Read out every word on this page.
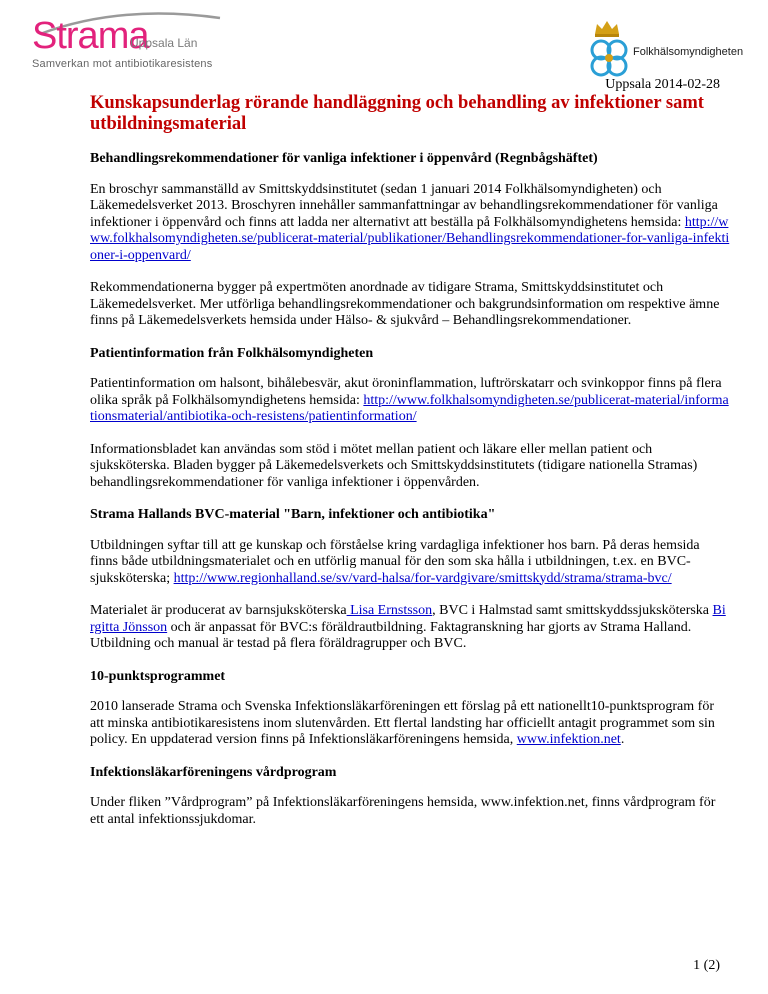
Strama
Uppsala Län
Samverkan mot antibiotikaresistens
Folkhälsomyndigheten
Uppsala 2014-02-28
Kunskapsunderlag rörande handläggning och behandling av infektioner samt utbildningsmaterial
Behandlingsrekommendationer för vanliga infektioner i öppenvård (Regnbågshäftet)

En broschyr sammanställd av Smittskyddsinstitutet (sedan 1 januari 2014 Folkhälsomyndigheten) och Läkemedelsverket 2013. Broschyren innehåller sammanfattningar av behandlingsrekommendationer för vanliga infektioner i öppenvård och finns att ladda ner alternativt att beställa på Folkhälsomyndighetens hemsida: http://www.folkhalsomyndigheten.se/publicerat-material/publikationer/Behandlingsrekommendationer-for-vanliga-infektioner-i-oppenvard/

Rekommendationerna bygger på expertmöten anordnade av tidigare Strama, Smittskyddsinstitutet och Läkemedelsverket. Mer utförliga behandlingsrekommendationer och bakgrundsinformation om respektive ämne finns på Läkemedelsverkets hemsida under Hälso- & sjukvård – Behandlingsrekommendationer.

Patientinformation från Folkhälsomyndigheten

Patientinformation om halsont, bihålebesvär, akut öroninflammation, luftrörskatarr och svinkoppor finns på flera olika språk på Folkhälsomyndighetens hemsida: http://www.folkhalsomyndigheten.se/publicerat-material/informationsmaterial/antibiotika-och-resistens/patientinformation/

Informationsbladet kan användas som stöd i mötet mellan patient och läkare eller mellan patient och sjuksköterska. Bladen bygger på Läkemedelsverkets och Smittskyddsinstitutets (tidigare nationella Stramas) behandlingsrekommendationer för vanliga infektioner i öppenvården.

Strama Hallands BVC-material "Barn, infektioner och antibiotika"

Utbildningen syftar till att ge kunskap och förståelse kring vardagliga infektioner hos barn. På deras hemsida finns både utbildningsmaterialet och en utförlig manual för den som ska hålla i utbildningen, t.ex. en BVC-sjuksköterska; http://www.regionhalland.se/sv/vard-halsa/for-vardgivare/smittskydd/strama/strama-bvc/

Materialet är producerat av barnsjuksköterska Lisa Ernstsson, BVC i Halmstad samt smittskyddssjuksköterska Birgitta Jönsson och är anpassat för BVC:s föräldrautbildning. Faktagranskning har gjorts av Strama Halland. Utbildning och manual är testad på flera föräldragrupper och BVC.

10-punktsprogrammet

2010 lanserade Strama och Svenska Infektionsläkarföreningen ett förslag på ett nationellt10-punktsprogram för att minska antibiotikaresistens inom slutenvården. Ett flertal landsting har officiellt antagit programmet som sin policy. En uppdaterad version finns på Infektionsläkarföreningens hemsida, www.infektion.net.

Infektionsläkarföreningens vårdprogram

Under fliken ”Vårdprogram” på Infektionsläkarföreningens hemsida, www.infektion.net, finns vårdprogram för ett antal infektionssjukdomar.

1 (2)
